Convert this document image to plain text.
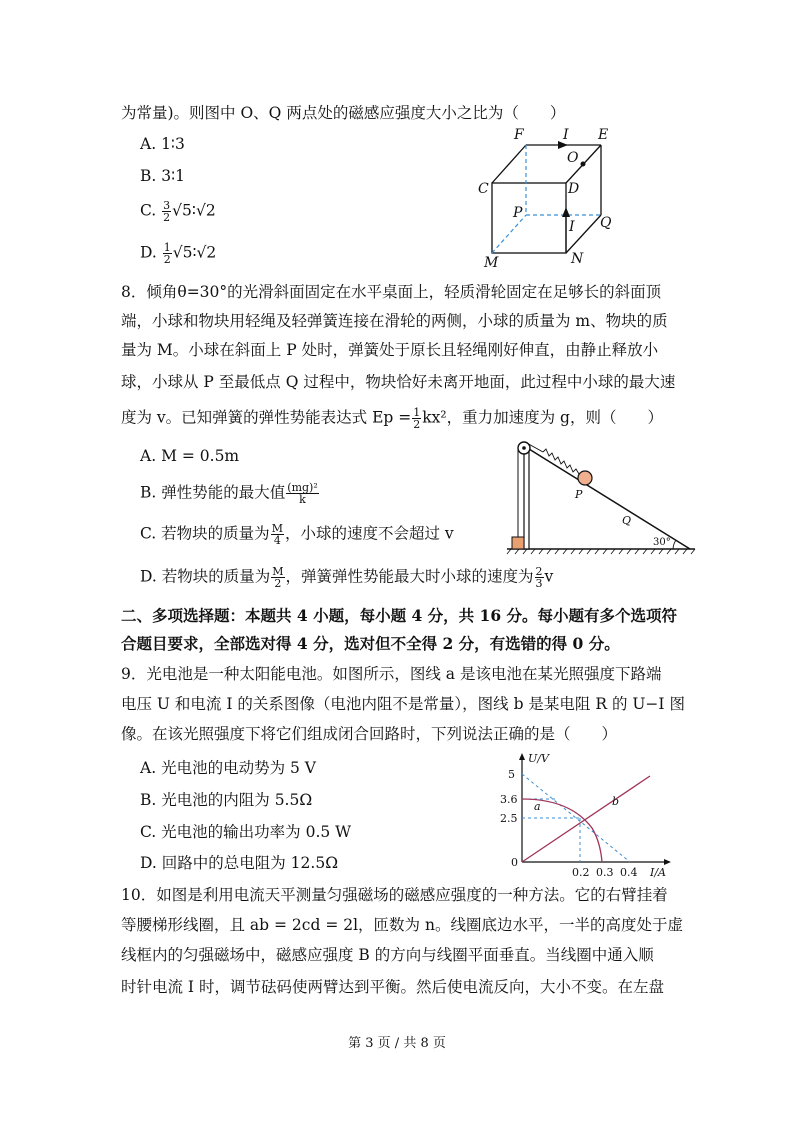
为常量)。则图中 O、Q 两点处的磁感应强度大小之比为（　　）
A. 1∶3
B. 3∶1
C. $\frac{3}{2}$ √5∶√2
D. $\frac{1}{2}$ √5∶√2
F	I E
O
C	D
P
Q
I
M	N
8．倾角θ=30°的光滑斜面固定在水平桌面上，轻质滑轮固定在足够长的斜面顶
端，小球和物块用轻绳及轻弹簧连接在滑轮的两侧，小球的质量为 m、物块的质
量为 M。小球在斜面上 P 处时，弹簧处于原长且轻绳刚好伸直，由静止释放小
球，小球从 P 至最低点 Q 过程中，物块恰好未离开地面，此过程中小球的最大速
度为 v。已知弹簧的弹性势能表达式 $Ep = \frac{1}{2} kx^2$，重力加速度为 g，则（　　）
A. M = 0.5m
B. 弹性势能的最大值 $\frac{\text{(mg)²}}{k}$
C. 若物块的质量为 $\frac{M}{4}$ ，小球的速度不会超过 v
D. 若物块的质量为 $\frac{M}{2}$ ，弹簧弹性势能最大时小球的速度为 $\frac{2}{3}$ v
P
Q
30°
二、多项选择题：本题共 4 小题，每小题 4 分，共 16 分。每小题有多个选项符
合题目要求，全部选对得 4 分，选对但不全得 2 分，有选错的得 0 分。
9．光电池是一种太阳能电池。如图所示，图线 a 是该电池在某光照强度下路端
电压 U 和电流 I 的关系图像（电池内阻不是常量），图线 b 是某电阻 R 的 U−I 图
像。在该光照强度下将它们组成闭合回路时，下列说法正确的是（　　）
A. 光电池的电动势为 5 V
B. 光电池的内阻为 5.5Ω
C. 光电池的输出功率为 0.5 W
D. 回路中的总电阻为 12.5Ω
U/V
I/A
5
3.6
2.5
0.2 0.3 0.4
0
a	b
10．如图是利用电流天平测量匀强磁场的磁感应强度的一种方法。它的右臂挂着
等腰梯形线圈，且 ab = 2cd = 2l，匝数为 n。线圈底边水平，一半的高度处于虚
线框内的匀强磁场中，磁感应强度 B 的方向与线圈平面垂直。当线圈中通入顺
时针电流 I 时，调节砝码使两臂达到平衡。然后使电流反向，大小不变。在左盘
第 3 页 / 共 8 页
